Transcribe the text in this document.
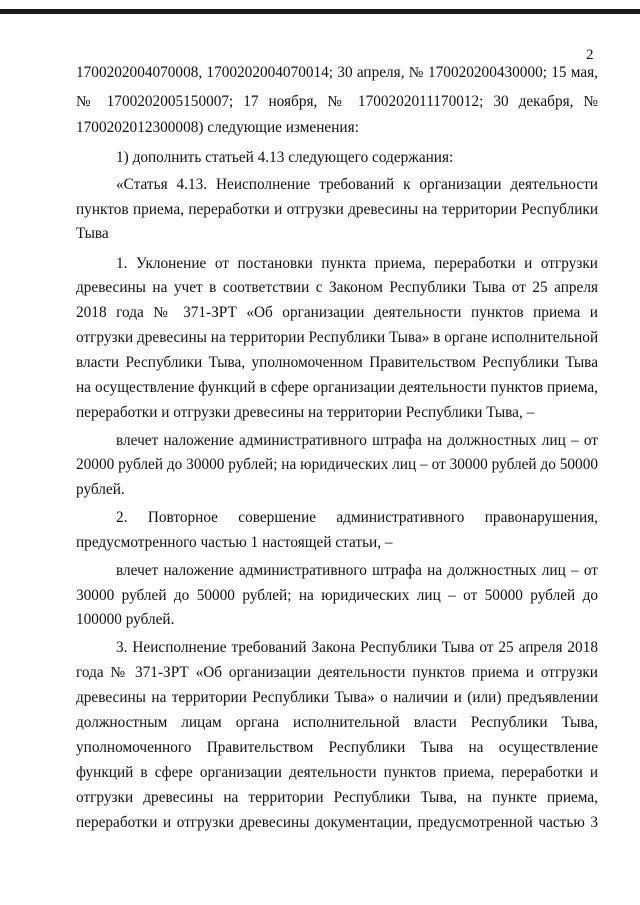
2
1700202004070008, 1700202004070014; 30 апреля, № 170020200430000; 15 мая,
№ 1700202005150007; 17 ноября, № 1700202011170012; 30 декабря, №
1700202012300008) следующие изменения:
1) дополнить статьей 4.13 следующего содержания:
«Статья 4.13. Неисполнение требований к организации деятельности
пунктов приема, переработки и отгрузки древесины на территории Республики
Тыва
1. Уклонение от постановки пункта приема, переработки и отгрузки
древесины на учет в соответствии с Законом Республики Тыва от 25 апреля
2018 года № 371-ЗРТ «Об организации деятельности пунктов приема и
отгрузки древесины на территории Республики Тыва» в органе исполнительной
власти Республики Тыва, уполномоченном Правительством Республики Тыва
на осуществление функций в сфере организации деятельности пунктов приема,
переработки и отгрузки древесины на территории Республики Тыва, –
влечет наложение административного штрафа на должностных лиц – от
20000 рублей до 30000 рублей; на юридических лиц – от 30000 рублей до 50000
рублей.
2. Повторное совершение административного правонарушения,
предусмотренного частью 1 настоящей статьи, –
влечет наложение административного штрафа на должностных лиц – от
30000 рублей до 50000 рублей; на юридических лиц – от 50000 рублей до
100000 рублей.
3. Неисполнение требований Закона Республики Тыва от 25 апреля 2018
года № 371-ЗРТ «Об организации деятельности пунктов приема и отгрузки
древесины на территории Республики Тыва» о наличии и (или) предъявлении
должностным лицам органа исполнительной власти Республики Тыва,
уполномоченного Правительством Республики Тыва на осуществление
функций в сфере организации деятельности пунктов приема, переработки и
отгрузки древесины на территории Республики Тыва, на пункте приема,
переработки и отгрузки древесины документации, предусмотренной частью 3
